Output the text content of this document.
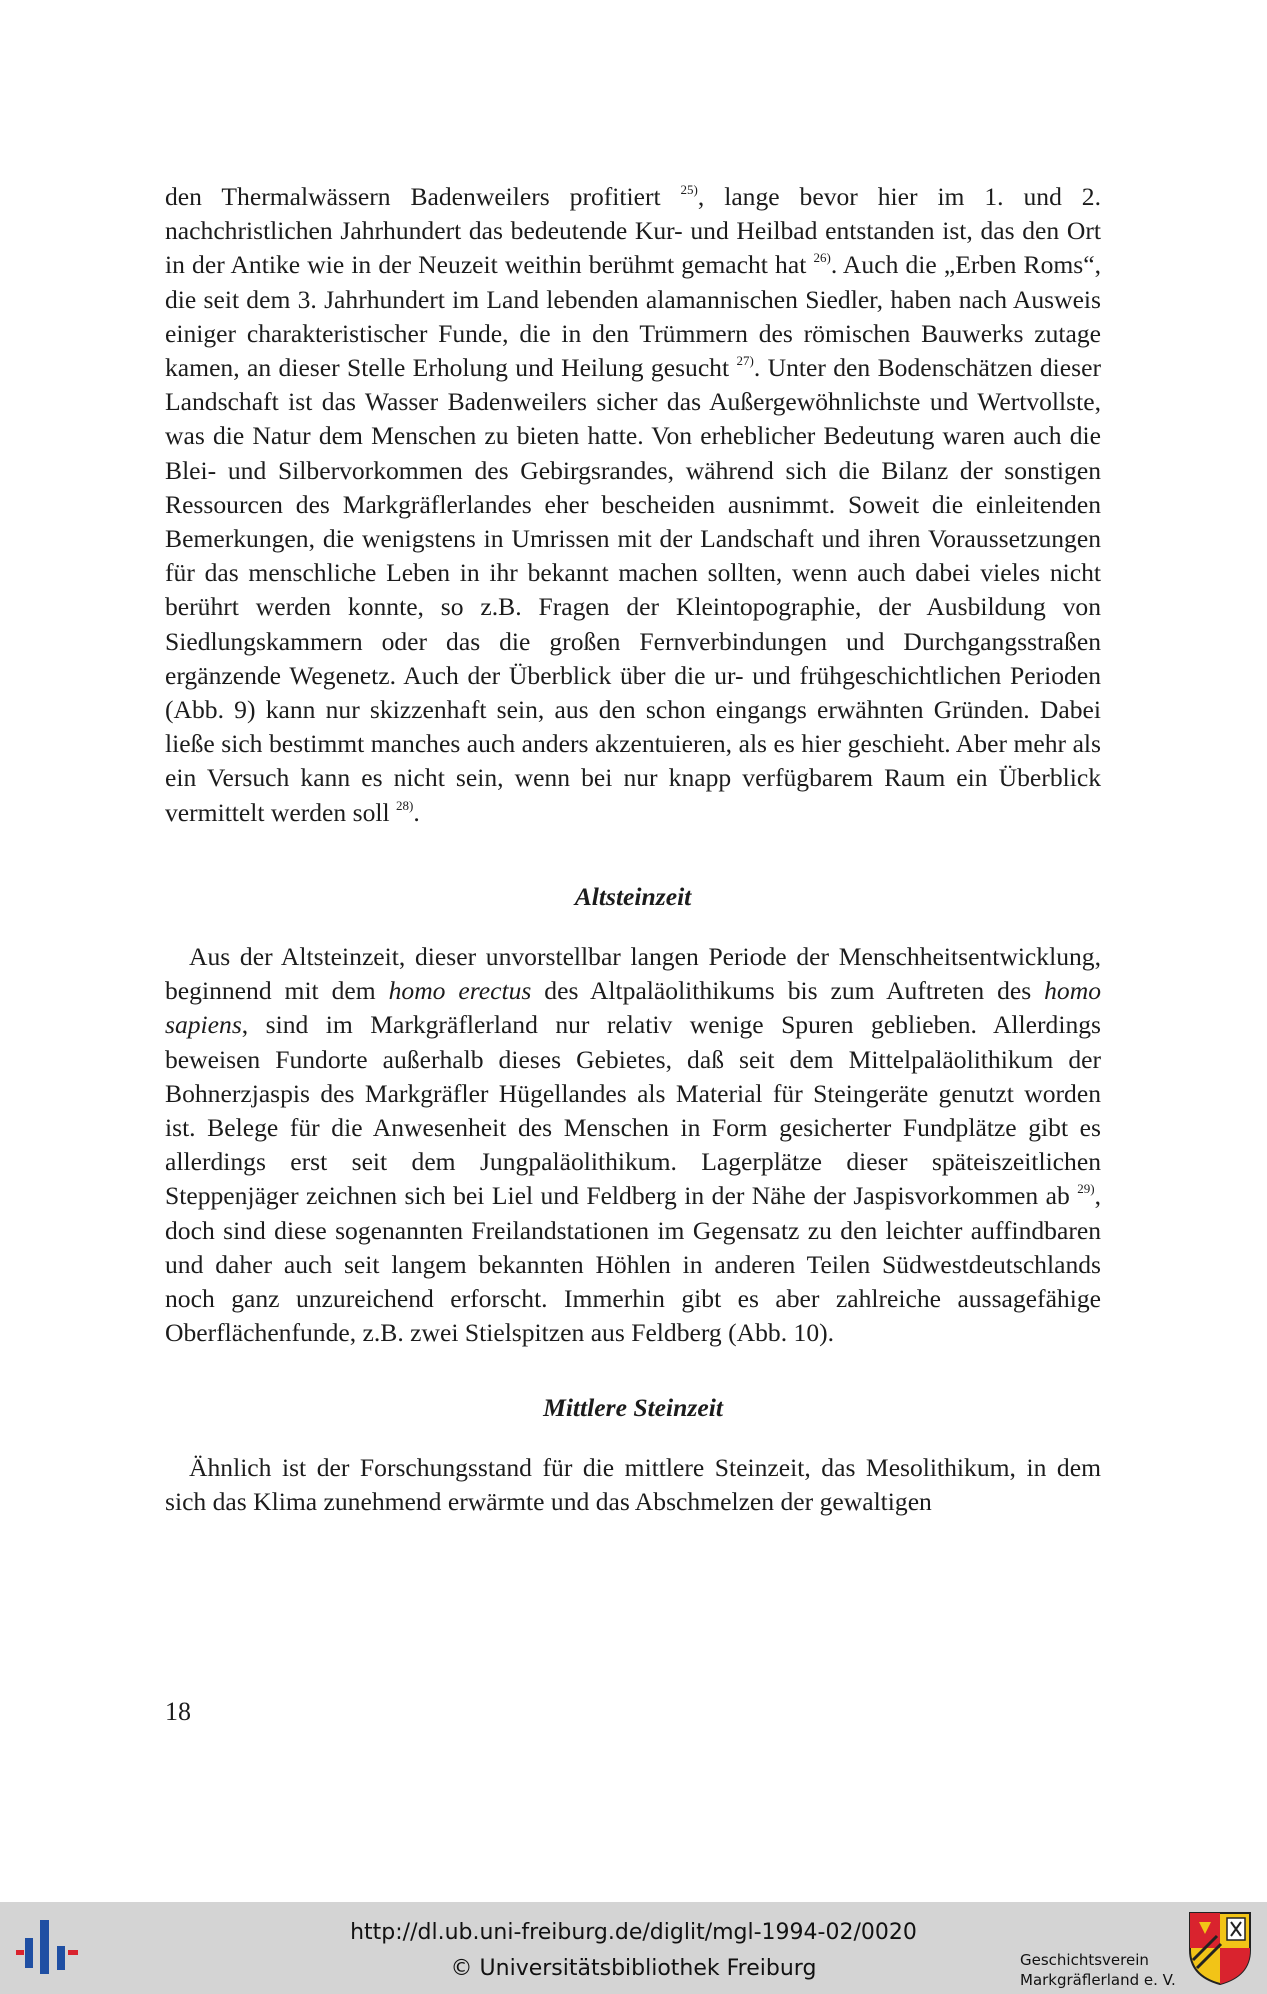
den Thermalwässern Badenweilers profitiert $^{25)}$, lange bevor hier im 1. und 2. nachchristlichen Jahrhundert das bedeutende Kur- und Heilbad entstanden ist, das den Ort in der Antike wie in der Neuzeit weithin berühmt gemacht hat $^{26)}$. Auch die „Erben Roms“, die seit dem 3. Jahrhundert im Land lebenden alamannischen Siedler, haben nach Ausweis einiger charakteristischer Funde, die in den Trümmern des römischen Bauwerks zutage kamen, an dieser Stelle Erholung und Heilung gesucht $^{27)}$. Unter den Bodenschätzen dieser Landschaft ist das Wasser Badenweilers sicher das Außergewöhnlichste und Wertvollste, was die Natur dem Menschen zu bieten hatte. Von erheblicher Bedeutung waren auch die Blei- und Silbervorkommen des Gebirgsrandes, während sich die Bilanz der sonstigen Ressourcen des Markgräflerlandes eher bescheiden ausnimmt. Soweit die einleitenden Bemerkungen, die wenigstens in Umrissen mit der Landschaft und ihren Voraussetzungen für das menschliche Leben in ihr bekannt machen sollten, wenn auch dabei vieles nicht berührt werden konnte, so z.B. Fragen der Kleintopographie, der Ausbildung von Siedlungskammern oder das die großen Fernverbindungen und Durchgangsstraßen ergänzende Wegenetz. Auch der Überblick über die ur- und frühgeschichtlichen Perioden (Abb. 9) kann nur skizzenhaft sein, aus den schon eingangs erwähnten Gründen. Dabei ließe sich bestimmt manches auch anders akzentuieren, als es hier geschieht. Aber mehr als ein Versuch kann es nicht sein, wenn bei nur knapp verfügbarem Raum ein Überblick vermittelt werden soll $^{28)}$.

Altsteinzeit

Aus der Altsteinzeit, dieser unvorstellbar langen Periode der Menschheitsentwicklung, beginnend mit dem homo erectus des Altpaläolithikums bis zum Auftreten des homo sapiens, sind im Markgräflerland nur relativ wenige Spuren geblieben. Allerdings beweisen Fundorte außerhalb dieses Gebietes, daß seit dem Mittelpaläolithikum der Bohnerzjaspis des Markgräfler Hügellandes als Material für Steingeräte genutzt worden ist. Belege für die Anwesenheit des Menschen in Form gesicherter Fundplätze gibt es allerdings erst seit dem Jungpaläolithikum. Lagerplätze dieser späteiszeitlichen Steppenjäger zeichnen sich bei Liel und Feldberg in der Nähe der Jaspisvorkommen ab $^{29)}$, doch sind diese sogenannten Freilandstationen im Gegensatz zu den leichter auffindbaren und daher auch seit langem bekannten Höhlen in anderen Teilen Südwestdeutschlands noch ganz unzureichend erforscht. Immerhin gibt es aber zahlreiche aussagefähige Oberflächenfunde, z.B. zwei Stielspitzen aus Feldberg (Abb. 10).

Mittlere Steinzeit

Ähnlich ist der Forschungsstand für die mittlere Steinzeit, das Mesolithikum, in dem sich das Klima zunehmend erwärmte und das Abschmelzen der gewaltigen

18
http://dl.ub.uni-freiburg.de/diglit/mgl-1994-02/0020
© Universitätsbibliothek Freiburg	Geschichtsverein
Markgräflerland e. V.
